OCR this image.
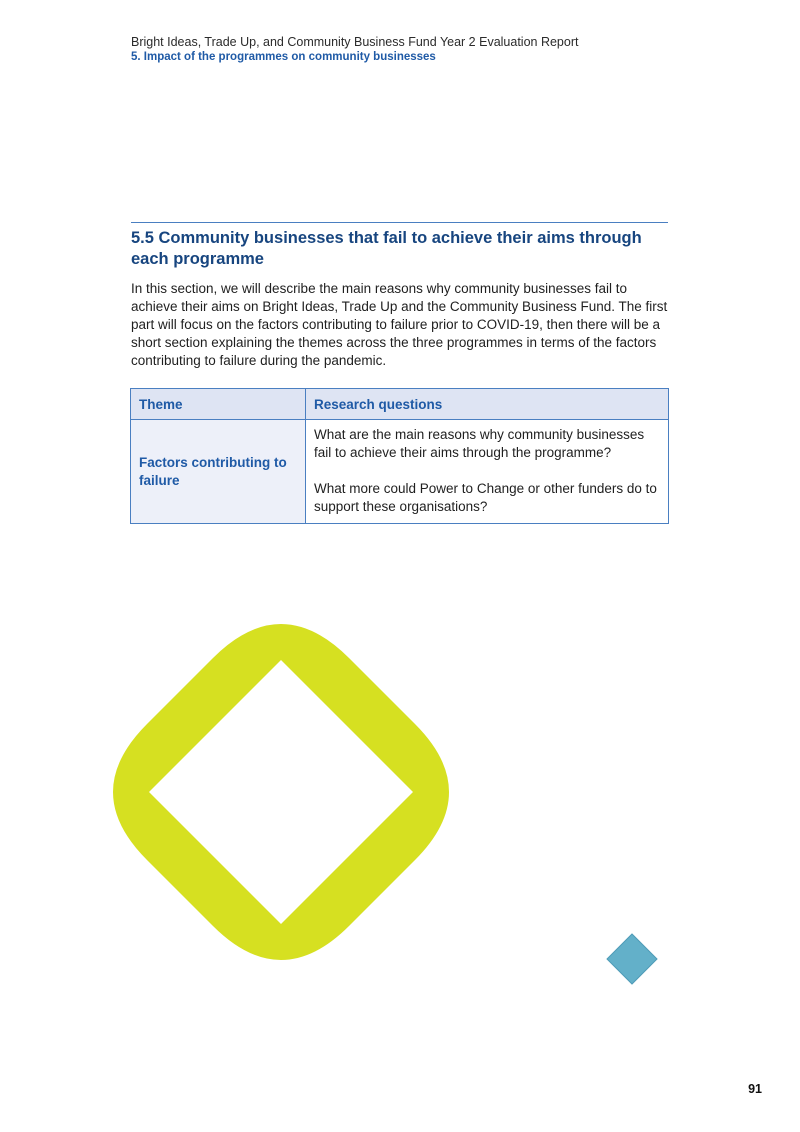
Bright Ideas, Trade Up, and Community Business Fund Year 2 Evaluation Report
5. Impact of the programmes on community businesses
5.5 Community businesses that fail to achieve their aims through each programme

In this section, we will describe the main reasons why community businesses fail to achieve their aims on Bright Ideas, Trade Up and the Community Business Fund. The first part will focus on the factors contributing to failure prior to COVID-19, then there will be a short section explaining the themes across the three programmes in terms of the factors contributing to failure during the pandemic.

Theme	Research questions
Factors contributing to failure	What are the main reasons why community businesses fail to achieve their aims through the programme?
What more could Power to Change or other funders do to support these organisations?
91
